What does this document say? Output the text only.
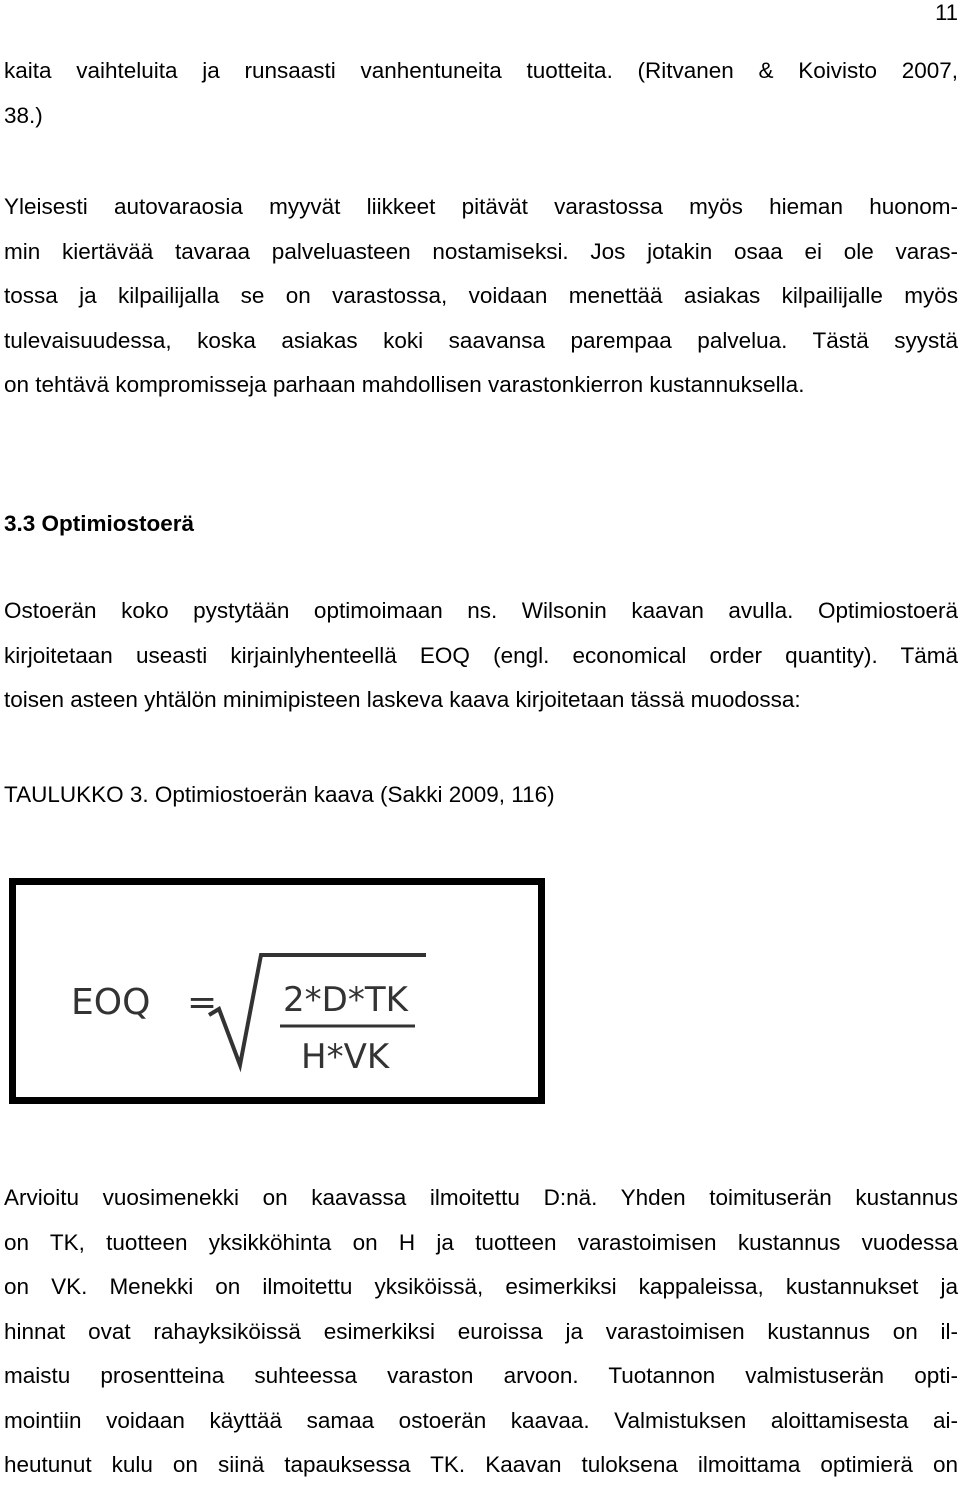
11
kaita vaihteluita ja runsaasti vanhentuneita tuotteita. (Ritvanen & Koivisto 2007,
38.)
Yleisesti autovaraosia myyvät liikkeet pitävät varastossa myös hieman huonom-
min kiertävää tavaraa palveluasteen nostamiseksi. Jos jotakin osaa ei ole varas-
tossa ja kilpailijalla se on varastossa, voidaan menettää asiakas kilpailijalle myös
tulevaisuudessa, koska asiakas koki saavansa parempaa palvelua. Tästä syystä
on tehtävä kompromisseja parhaan mahdollisen varastonkierron kustannuksella.
3.3 Optimiostoerä
Ostoerän koko pystytään optimoimaan ns. Wilsonin kaavan avulla. Optimiostoerä
kirjoitetaan useasti kirjainlyhenteellä EOQ (engl. economical order quantity). Tämä
toisen asteen yhtälön minimipisteen laskeva kaava kirjoitetaan tässä muodossa:
TAULUKKO 3. Optimiostoerän kaava (Sakki 2009, 116)
EOQ = 2*D*TK
H*VK
Arvioitu vuosimenekki on kaavassa ilmoitettu D:nä. Yhden toimituserän kustannus
on TK, tuotteen yksikköhinta on H ja tuotteen varastoimisen kustannus vuodessa
on VK. Menekki on ilmoitettu yksiköissä, esimerkiksi kappaleissa, kustannukset ja
hinnat ovat rahayksiköissä esimerkiksi euroissa ja varastoimisen kustannus on il-
maistu prosentteina suhteessa varaston arvoon. Tuotannon valmistuserän opti-
mointiin voidaan käyttää samaa ostoerän kaavaa. Valmistuksen aloittamisesta ai-
heutunut kulu on siinä tapauksessa TK. Kaavan tuloksena ilmoittama optimierä on
